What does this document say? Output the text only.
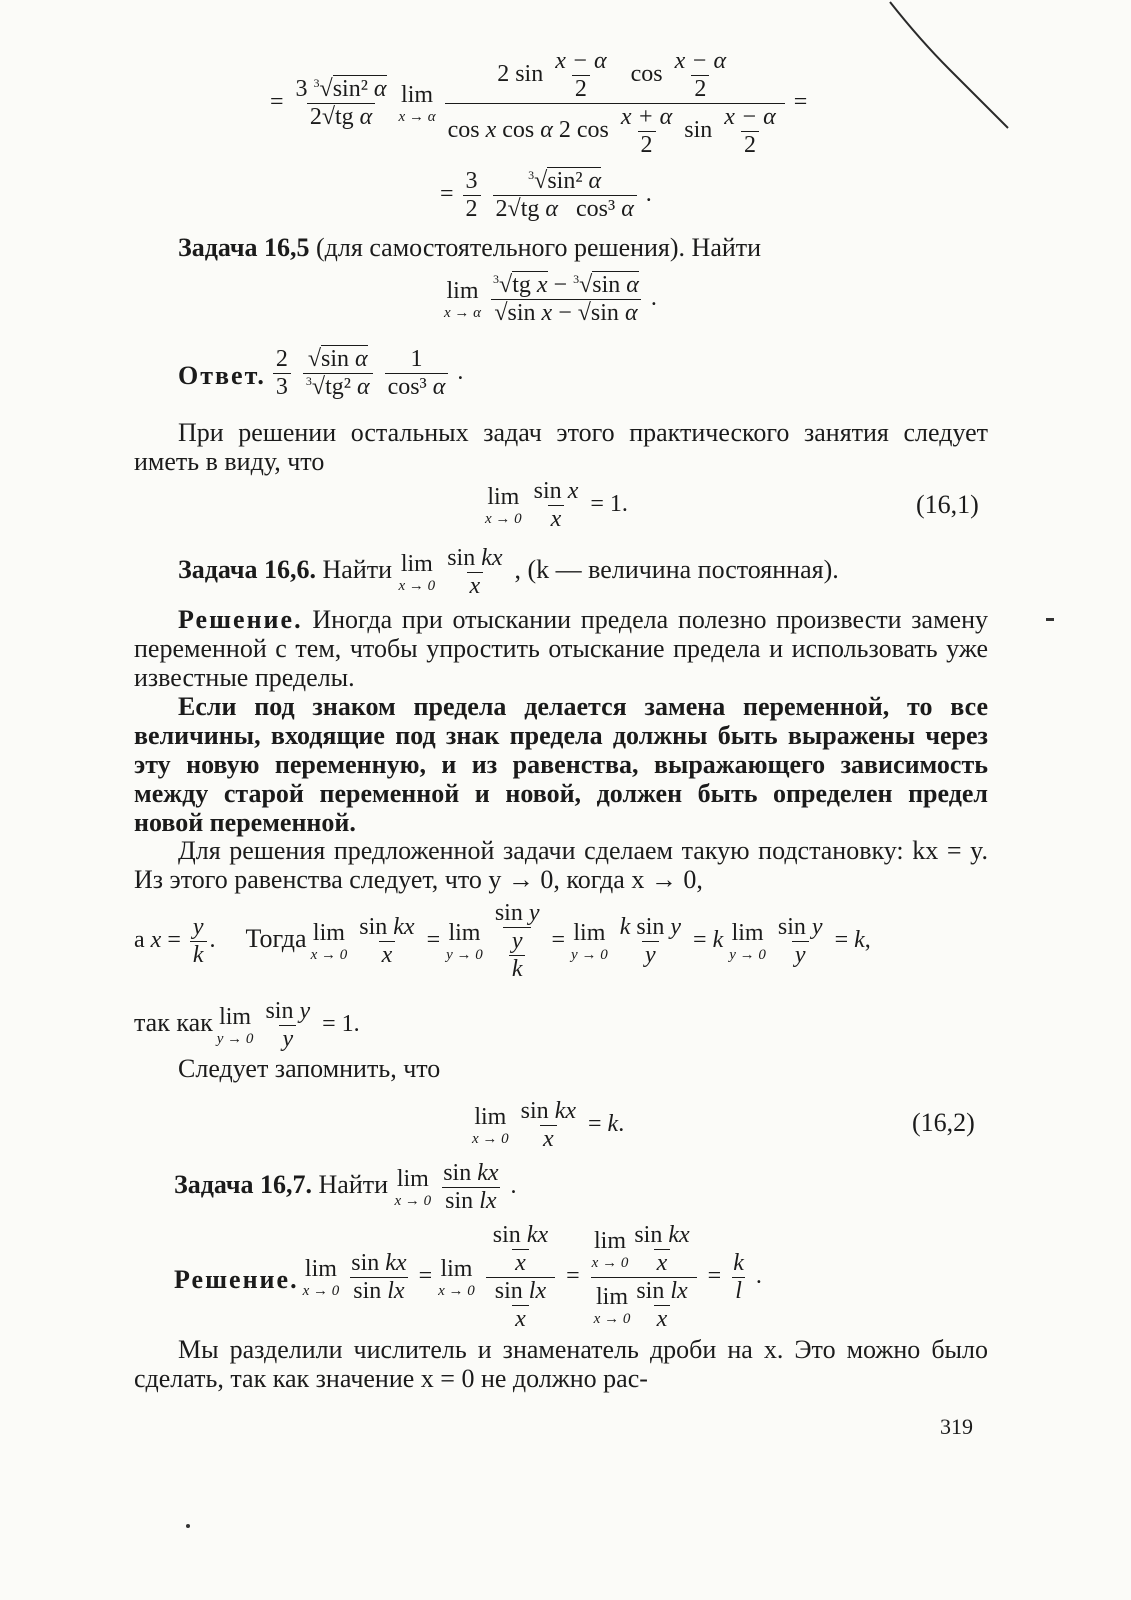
= $\frac{3 ^3√\sin^2 \alpha}{\text{2√tg α}}$
lim
x → α
$\frac{2 \sin \frac{x - \alpha}{2} \cos \frac{x - \alpha}{2}}{\cos x \cos \alpha 2 \cos \frac{x + \alpha}{2} \sin \frac{x - \alpha}{2}}$ =
= $\frac{3}{2}$
$\frac{^3√\sin^2 \alpha}{\text{2√tg α   cos³ α}}$ .
Задача 16,5 (для самостоятельного решения). Найти
lim
x → α
$\frac{^3√tg x - ^3√\sin \alpha}{\text{√sin x − √sin α}}$ .
Ответ. $\frac{2}{3}$
$\frac{\text{√sin α}}{^3√tg^2 \alpha}$
$\frac{1}{\text{cos³ α}}$ .
При решении остальных задач этого практического занятия следует иметь в виду, что
lim
x → 0
$\frac{\text{sin x}}{x} = 1$.	(16,1)
Задача 16,6. Найти lim
x → 0
$\frac{\text{sin kx}}{x}$ , (k — величина постоянная).
Решение. Иногда при отыскании предела полезно произвести замену переменной с тем, чтобы упростить отыскание предела и использовать уже известные пределы.
Если под знаком предела делается замена переменной, то все величины, входящие под знак предела должны быть выражены через эту новую переменную, и из равенства, выражающего зависимость между старой переменной и новой, должен быть определен предел новой переменной.
Для решения предложенной задачи сделаем такую подстановку: kx = y. Из этого равенства следует, что y → 0, когда x → 0,
а $x = \frac{y}{k}$ . Тогда lim
x → 0
$\frac{\text{sin kx}}{x} = \lim$
y → 0
$\frac{\text{sin y}}{\frac{y}{k}} = \lim$
y → 0
$\frac{\text{k sin y}}{y} = k$ lim
y → 0
$\frac{\text{sin y}}{y} = k$,
так как lim
y → 0
$\frac{\text{sin y}}{y} = 1$.
Следует запомнить, что
lim
x → 0
$\frac{\text{sin kx}}{x} = k$.	(16,2)
Задача 16,7. Найти lim
x → 0
$\frac{\text{sin kx}}{\text{sin lx}}$ .
Решение. lim
x → 0
$\frac{\text{sin kx}}{\text{sin lx}} = \lim$
x → 0
$\frac{\frac{\text{sin kx}}{x}}{\frac{\text{sin lx}}{x}} = \lim$
$x \to 0 \frac{\text{sin kx}}{x}$
lim
$x \to 0 \frac{\text{sin lx}}{x} = \frac{k}{l}$ .
Мы разделили числитель и знаменатель дроби на x. Это можно было сделать, так как значение x = 0 не должно рас-
319
